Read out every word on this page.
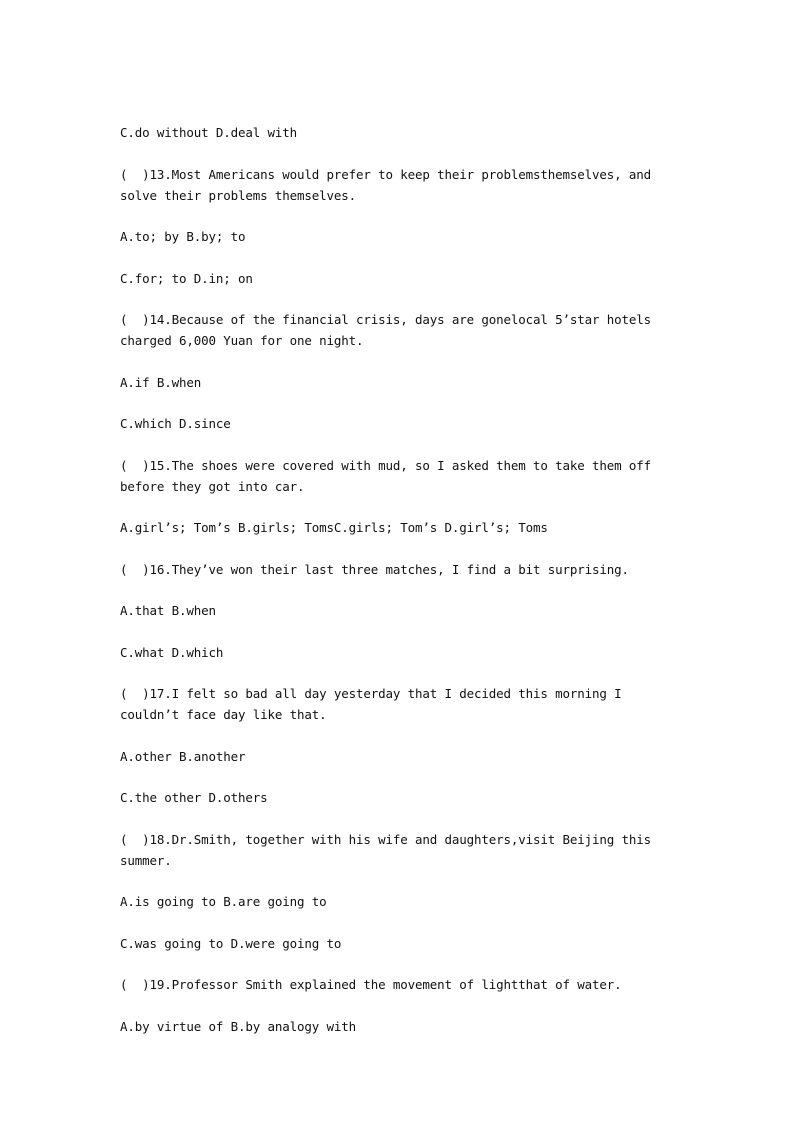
C.do without D.deal with

(  )13.Most Americans would prefer to keep their problemsthemselves, and solve their problems themselves.

A.to; by B.by; to

C.for; to D.in; on

(  )14.Because of the financial crisis, days are gonelocal 5’star hotels charged 6,000 Yuan for one night.

A.if B.when

C.which D.since

(  )15.The shoes were covered with mud, so I asked them to take them off before they got into car.

A.girl’s; Tom’s B.girls; TomsC.girls; Tom’s D.girl’s; Toms

(  )16.They’ve won their last three matches, I find a bit surprising.

A.that B.when

C.what D.which

(  )17.I felt so bad all day yesterday that I decided this morning I couldn’t face day like that.

A.other B.another

C.the other D.others

(  )18.Dr.Smith, together with his wife and daughters,visit Beijing this summer.

A.is going to B.are going to

C.was going to D.were going to

(  )19.Professor Smith explained the movement of lightthat of water.

A.by virtue of B.by analogy with
